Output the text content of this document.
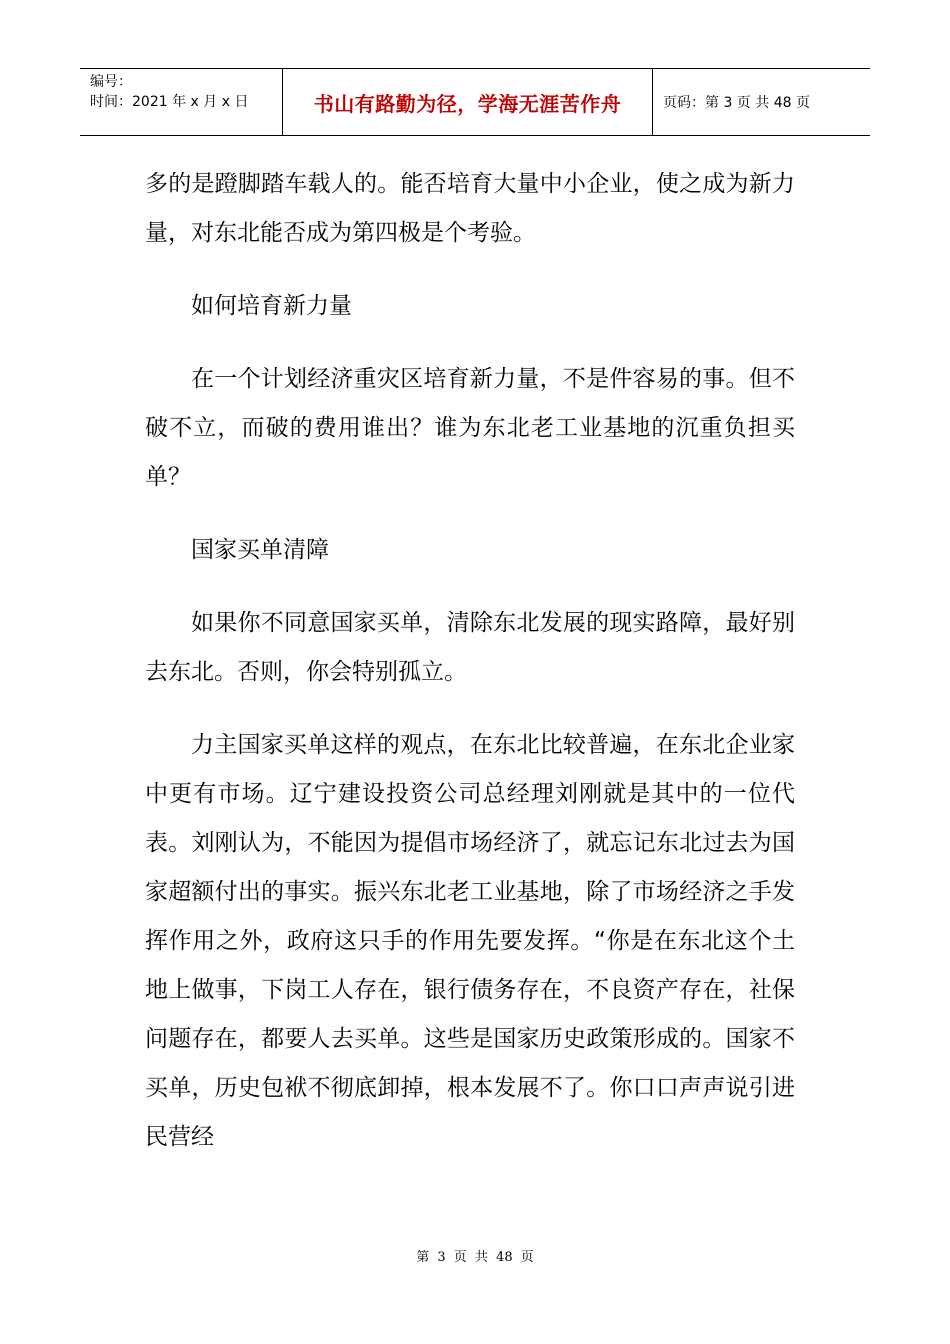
编号：
时间：2021 年 x 月 x 日	书山有路勤为径，学海无涯苦作舟	页码：第 3 页 共 48 页

多的是蹬脚踏车载人的。能否培育大量中小企业，使之成为新力量，对东北能否成为第四极是个考验。

如何培育新力量

在一个计划经济重灾区培育新力量，不是件容易的事。但不破不立，而破的费用谁出？谁为东北老工业基地的沉重负担买单？

国家买单清障

如果你不同意国家买单，清除东北发展的现实路障，最好别去东北。否则，你会特别孤立。

力主国家买单这样的观点，在东北比较普遍，在东北企业家中更有市场。辽宁建设投资公司总经理刘刚就是其中的一位代表。刘刚认为，不能因为提倡市场经济了，就忘记东北过去为国家超额付出的事实。振兴东北老工业基地，除了市场经济之手发挥作用之外，政府这只手的作用先要发挥。“你是在东北这个土地上做事，下岗工人存在，银行债务存在，不良资产存在，社保问题存在，都要人去买单。这些是国家历史政策形成的。国家不买单，历史包袱不彻底卸掉，根本发展不了。你口口声声说引进民营经

第 3 页 共 48 页
